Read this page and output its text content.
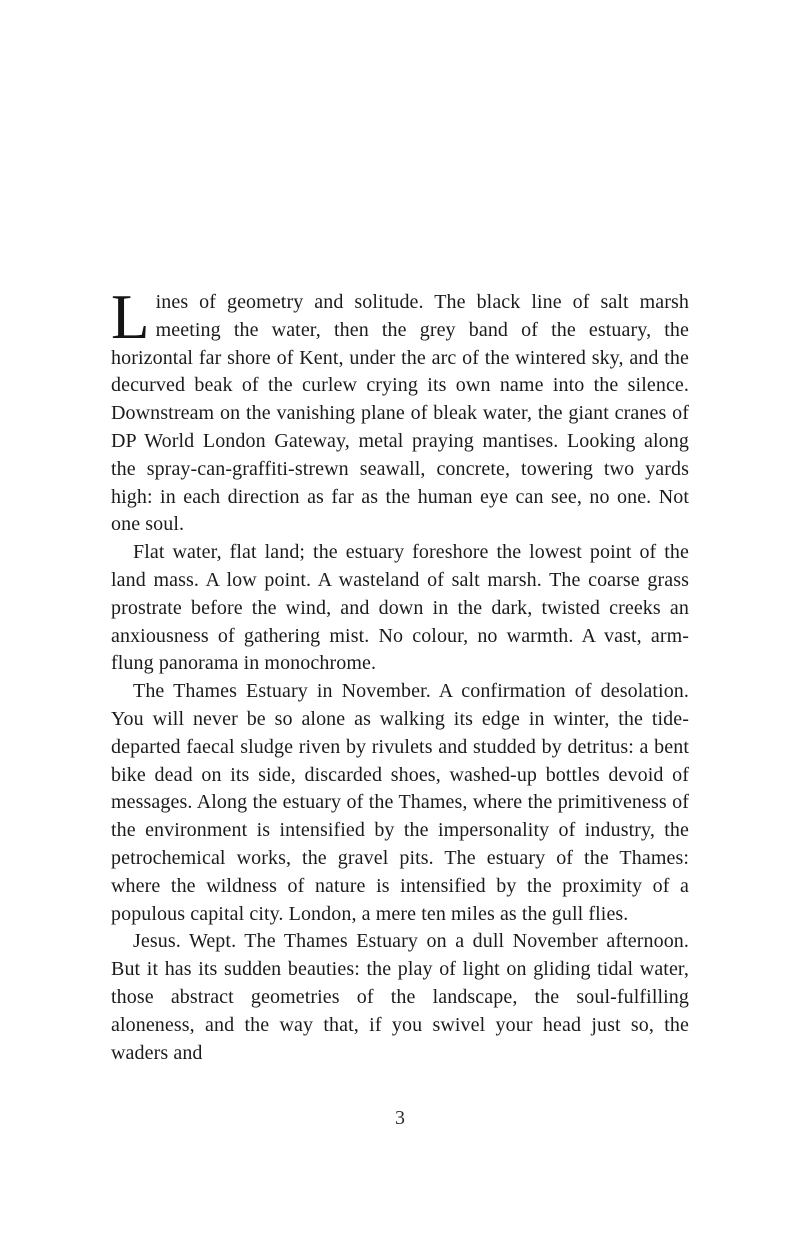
Lines of geometry and solitude. The black line of salt marsh meeting the water, then the grey band of the estuary, the horizontal far shore of Kent, under the arc of the wintered sky, and the decurved beak of the curlew crying its own name into the silence. Downstream on the vanishing plane of bleak water, the giant cranes of DP World London Gateway, metal praying mantises. Looking along the spray-can-graffiti-strewn seawall, concrete, towering two yards high: in each direction as far as the human eye can see, no one. Not one soul.

Flat water, flat land; the estuary foreshore the lowest point of the land mass. A low point. A wasteland of salt marsh. The coarse grass prostrate before the wind, and down in the dark, twisted creeks an anxiousness of gathering mist. No colour, no warmth. A vast, arm-flung panorama in monochrome.

The Thames Estuary in November. A confirmation of desolation. You will never be so alone as walking its edge in winter, the tide-departed faecal sludge riven by rivulets and studded by detritus: a bent bike dead on its side, discarded shoes, washed-up bottles devoid of messages. Along the estuary of the Thames, where the primitiveness of the environment is intensified by the impersonality of industry, the petrochemical works, the gravel pits. The estuary of the Thames: where the wildness of nature is intensified by the proximity of a populous capital city. London, a mere ten miles as the gull flies.

Jesus. Wept. The Thames Estuary on a dull November afternoon. But it has its sudden beauties: the play of light on gliding tidal water, those abstract geometries of the landscape, the soul-fulfilling aloneness, and the way that, if you swivel your head just so, the waders and

3
